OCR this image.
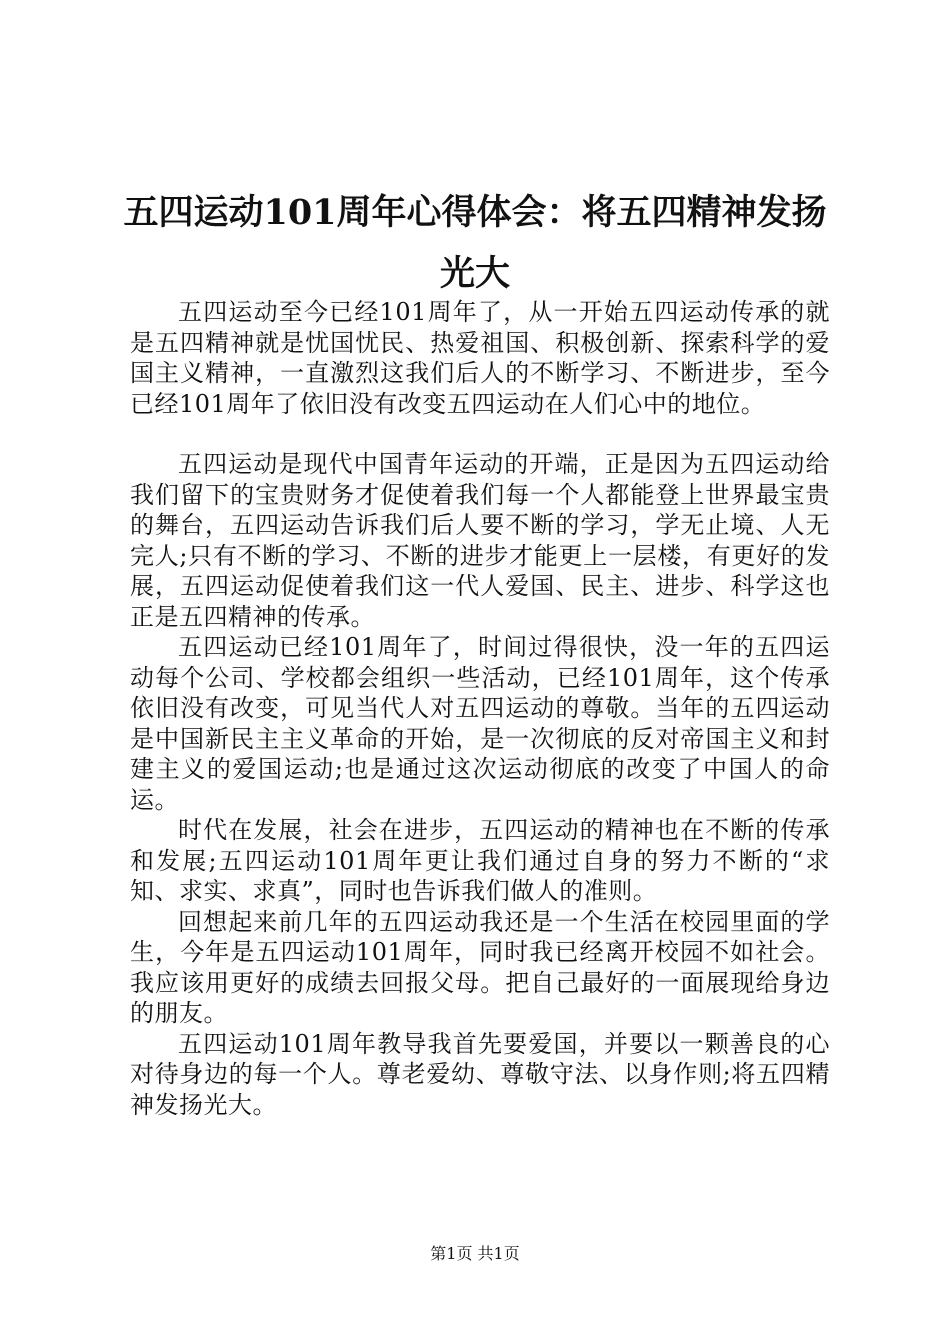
五四运动101周年心得体会：将五四精神发扬光大

五四运动至今已经101周年了，从一开始五四运动传承的就是五四精神就是忧国忧民、热爱祖国、积极创新、探索科学的爱国主义精神，一直激烈这我们后人的不断学习、不断进步，至今已经101周年了依旧没有改变五四运动在人们心中的地位。

五四运动是现代中国青年运动的开端，正是因为五四运动给我们留下的宝贵财务才促使着我们每一个人都能登上世界最宝贵的舞台，五四运动告诉我们后人要不断的学习，学无止境、人无完人;只有不断的学习、不断的进步才能更上一层楼，有更好的发展，五四运动促使着我们这一代人爱国、民主、进步、科学这也正是五四精神的传承。

五四运动已经101周年了，时间过得很快，没一年的五四运动每个公司、学校都会组织一些活动，已经101周年，这个传承依旧没有改变，可见当代人对五四运动的尊敬。当年的五四运动是中国新民主主义革命的开始，是一次彻底的反对帝国主义和封建主义的爱国运动;也是通过这次运动彻底的改变了中国人的命运。

时代在发展，社会在进步，五四运动的精神也在不断的传承和发展;五四运动101周年更让我们通过自身的努力不断的“求知、求实、求真”，同时也告诉我们做人的准则。

回想起来前几年的五四运动我还是一个生活在校园里面的学生，今年是五四运动101周年，同时我已经离开校园不如社会。我应该用更好的成绩去回报父母。把自己最好的一面展现给身边的朋友。

五四运动101周年教导我首先要爱国，并要以一颗善良的心对待身边的每一个人。尊老爱幼、尊敬守法、以身作则;将五四精神发扬光大。

第1页 共1页
